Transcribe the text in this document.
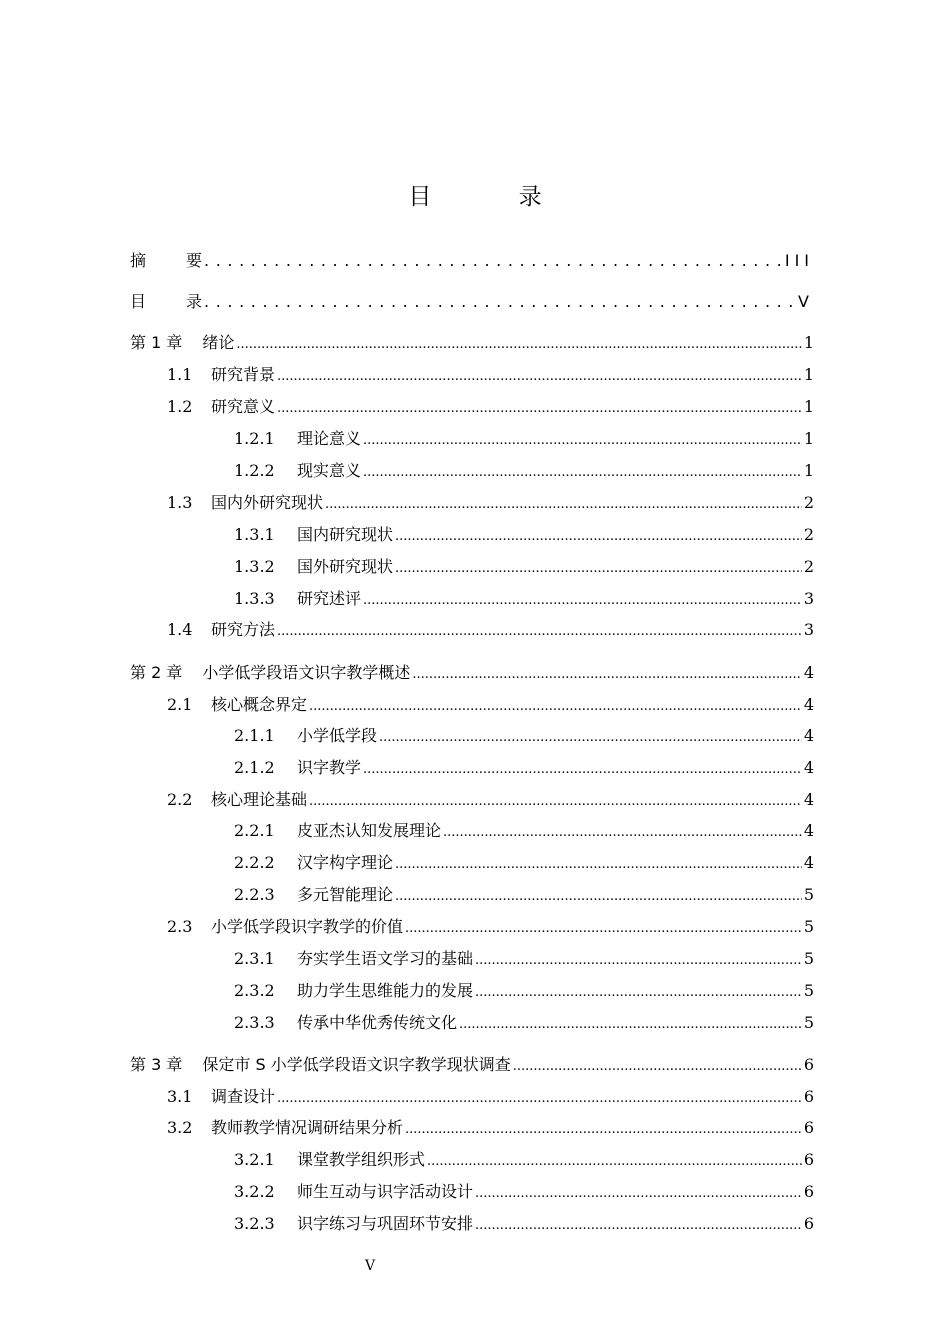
目 录
摘要 .....	III
目录 .....	V
第 1 章 绪论 .....	1
1.1	研究背景 .....	1
1.2	研究意义 .....	1
1.2.1	理论意义 .....	1
1.2.2	现实意义 .....	1
1.3	国内外研究现状 .....	2
1.3.1	国内研究现状 .....	2
1.3.2	国外研究现状 .....	2
1.3.3	研究述评 .....	3
1.4	研究方法 .....	3
第 2 章 小学低学段语文识字教学概述 .....	4
2.1	核心概念界定 .....	4
2.1.1	小学低学段 .....	4
2.1.2	识字教学 .....	4
2.2	核心理论基础 .....	4
2.2.1	皮亚杰认知发展理论 .....	4
2.2.2	汉字构字理论 .....	4
2.2.3	多元智能理论 .....	5
2.3	小学低学段识字教学的价值 .....	5
2.3.1	夯实学生语文学习的基础 .....	5
2.3.2	助力学生思维能力的发展 .....	5
2.3.3	传承中华优秀传统文化 .....	5
第 3 章 保定市 S 小学低学段语文识字教学现状调查 .....	6
3.1	调查设计 .....	6
3.2	教师教学情况调研结果分析 .....	6
3.2.1	课堂教学组织形式 .....	6
3.2.2	师生互动与识字活动设计 .....	6
3.2.3	识字练习与巩固环节安排 .....	6
V
